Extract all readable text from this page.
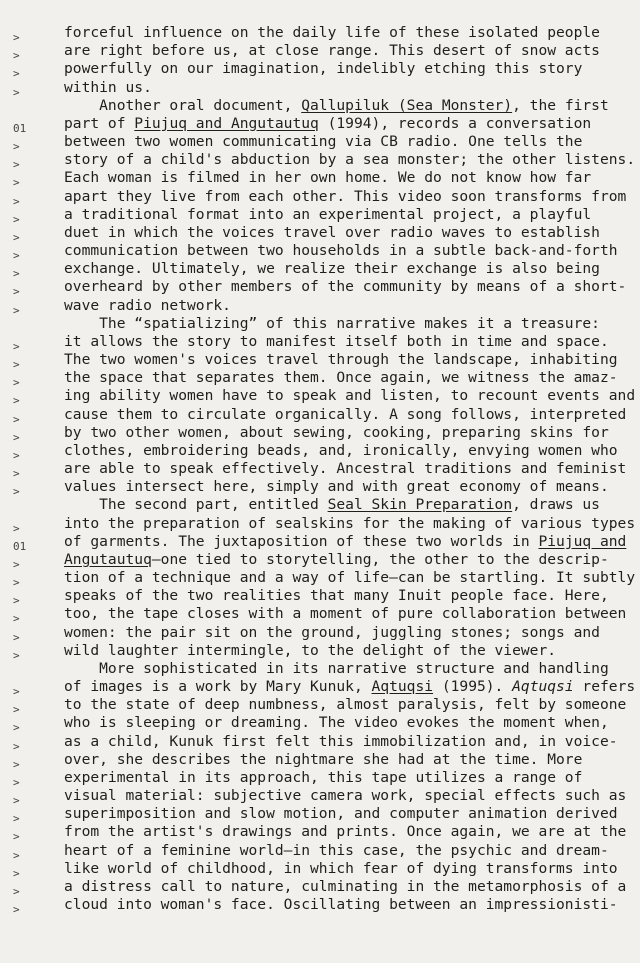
>	forceful influence on the daily life of these isolated people
>	are right before us, at close range. This desert of snow acts
>	powerfully on our imagination, indelibly etching this story
>	within us.
Another oral document, Qallupiluk (Sea Monster), the first
01	part of Piujuq and Angutautuq (1994), records a conversation
>	between two women communicating via CB radio. One tells the
>	story of a child's abduction by a sea monster; the other listens.
>	Each woman is filmed in her own home. We do not know how far
>	apart they live from each other. This video soon transforms from
>	a traditional format into an experimental project, a playful
>	duet in which the voices travel over radio waves to establish
>	communication between two households in a subtle back-and-forth
>	exchange. Ultimately, we realize their exchange is also being
>	overheard by other members of the community by means of a short-
>	wave radio network.
The “spatializing” of this narrative makes it a treasure:
>	it allows the story to manifest itself both in time and space.
>	The two women's voices travel through the landscape, inhabiting
>	the space that separates them. Once again, we witness the amaz-
>	ing ability women have to speak and listen, to recount events and
>	cause them to circulate organically. A song follows, interpreted
>	by two other women, about sewing, cooking, preparing skins for
>	clothes, embroidering beads, and, ironically, envying women who
>	are able to speak effectively. Ancestral traditions and feminist
>	values intersect here, simply and with great economy of means.
The second part, entitled Seal Skin Preparation, draws us
>	into the preparation of sealskins for the making of various types
01	of garments. The juxtaposition of these two worlds in Piujuq and
>	Angutautuq—one tied to storytelling, the other to the descrip-
>	tion of a technique and a way of life—can be startling. It subtly
>	speaks of the two realities that many Inuit people face. Here,
>	too, the tape closes with a moment of pure collaboration between
>	women: the pair sit on the ground, juggling stones; songs and
>	wild laughter intermingle, to the delight of the viewer.
More sophisticated in its narrative structure and handling
>	of images is a work by Mary Kunuk, Aqtuqsi (1995). Aqtuqsi refers
>	to the state of deep numbness, almost paralysis, felt by someone
>	who is sleeping or dreaming. The video evokes the moment when,
>	as a child, Kunuk first felt this immobilization and, in voice-
>	over, she describes the nightmare she had at the time. More
>	experimental in its approach, this tape utilizes a range of
>	visual material: subjective camera work, special effects such as
>	superimposition and slow motion, and computer animation derived
>	from the artist's drawings and prints. Once again, we are at the
>	heart of a feminine world—in this case, the psychic and dream-
>	like world of childhood, in which fear of dying transforms into
>	a distress call to nature, culminating in the metamorphosis of a
>	cloud into woman's face. Oscillating between an impressionisti-
